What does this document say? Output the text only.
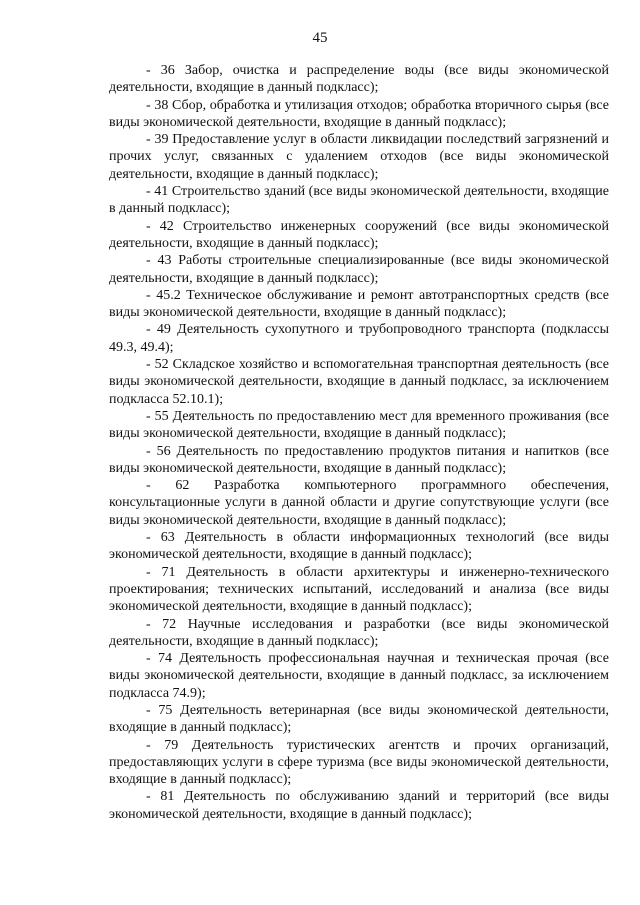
45

- 36 Забор, очистка и распределение воды (все виды экономической деятельности, входящие в данный подкласс);

- 38 Сбор, обработка и утилизация отходов; обработка вторичного сырья (все виды экономической деятельности, входящие в данный подкласс);

- 39 Предоставление услуг в области ликвидации последствий загрязнений и прочих услуг, связанных с удалением отходов (все виды экономической деятельности, входящие в данный подкласс);

- 41 Строительство зданий (все виды экономической деятельности, входящие в данный подкласс);

- 42 Строительство инженерных сооружений (все виды экономической деятельности, входящие в данный подкласс);

- 43 Работы строительные специализированные (все виды экономической деятельности, входящие в данный подкласс);

- 45.2 Техническое обслуживание и ремонт автотранспортных средств (все виды экономической деятельности, входящие в данный подкласс);

- 49 Деятельность сухопутного и трубопроводного транспорта (подклассы 49.3, 49.4);

- 52 Складское хозяйство и вспомогательная транспортная деятельность (все виды экономической деятельности, входящие в данный подкласс, за исключением подкласса 52.10.1);

- 55 Деятельность по предоставлению мест для временного проживания (все виды экономической деятельности, входящие в данный подкласс);

- 56 Деятельность по предоставлению продуктов питания и напитков (все виды экономической деятельности, входящие в данный подкласс);

- 62 Разработка компьютерного программного обеспечения, консультационные услуги в данной области и другие сопутствующие услуги (все виды экономической деятельности, входящие в данный подкласс);

- 63 Деятельность в области информационных технологий (все виды экономической деятельности, входящие в данный подкласс);

- 71 Деятельность в области архитектуры и инженерно-технического проектирования; технических испытаний, исследований и анализа (все виды экономической деятельности, входящие в данный подкласс);

- 72 Научные исследования и разработки (все виды экономической деятельности, входящие в данный подкласс);

- 74 Деятельность профессиональная научная и техническая прочая (все виды экономической деятельности, входящие в данный подкласс, за исключением подкласса 74.9);

- 75 Деятельность ветеринарная (все виды экономической деятельности, входящие в данный подкласс);

- 79 Деятельность туристических агентств и прочих организаций, предоставляющих услуги в сфере туризма (все виды экономической деятельности, входящие в данный подкласс);

- 81 Деятельность по обслуживанию зданий и территорий (все виды экономической деятельности, входящие в данный подкласс);
